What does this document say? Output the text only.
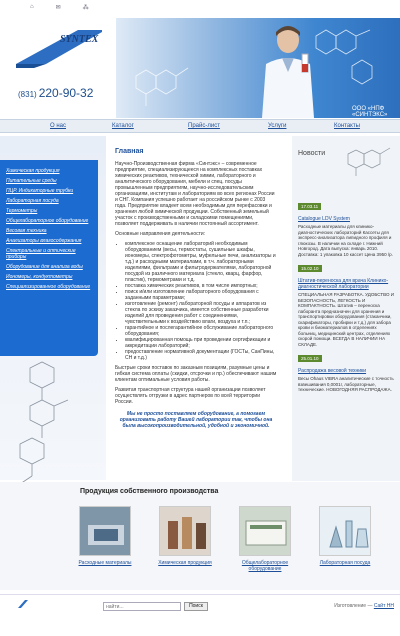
⌂	✉	⁂
SYNTEX
(831) 220-90-32
ООО «НПФ «СИНТЭКС»
О нас	Каталог	Прайс-лист	Услуги	Контакты
Химическая продукция
Питательные среды
ПЦР. Индикаторные трубки
Лабораторная посуда
Термометры
Общелабораторное оборудование
Весовая техника
Анализаторы влагосодержания
Спектральные и оптические приборы
Оборудование для анализа воды
Иономеры, кондуктометры
Специализированное оборудование
Главная

Научно-Производственная фирма «Синтэкс» – современное предприятие, специализирующееся на комплексных поставках химических реактивов, технической химии, лабораторного и аналитического оборудования, мебели и спец. посуды промышленным предприятиям, научно-исследовательским организациям, институтам и лабораториям во всех регионах России и СНГ. Компания успешно работает на российском рынке с 2003 года. Предприятие владеет всем необходимым для перефасовки и хранения любой химической продукции. Собственный земельный участок с производственными и складскими помещениями, позволяет поддерживать в наличии постоянный ассортимент.

Основные направления деятельности:

• комплексное оснащение лабораторий необходимым оборудованием (весы, термостаты, сушильные шкафы, иономеры, спектрофотометры, муфельные печи, анализаторы и т.д.) и расходными материалами, в т.ч. лабораторными изделиями, фильтрами и фильтродержателями, лабораторной посудой из различного материала (стекло, кварц, фарфор, пластик), термометрами и т.д.
• поставка химических реактивов, в том числе импортных;
• поиск и/или изготовление лабораторного оборудования с заданными параметрами;
• изготовление (ремонт) лабораторной посуды и аппаратов из стекла по эскизу заказчика, имеется собственные разработки изделий для проведения работ с соединениями, чувствительными к воздействию влаги, воздуха и т.п.;
• гарантийное и послегарантийное обслуживание лабораторного оборудования;
• квалифицированная помощь при проведении сертификации и аккредитации лабораторий;
• предоставление нормативной документации (ГОСТы, СанПины, СН и т.д.)

Быстрые сроки поставок по заказным позициям, разумные цены и гибкая система оплаты (скидки, отсрочки и пр.) обеспечивают нашим клиентам оптимальные условия работы.

Развитая транспортная структура нашей организации позволяет осуществлять отгрузки в адрес партнеров по всей территории России.

Мы не просто поставляем оборудование, а помогаем организовать работу Вашей лаборатории так, чтобы она была высокопроизводительной, удобной и экономичной.
Новости
17.03.11
Catalogue LDV System
Расходные материалы для клинико-диагностических лабораторий Кассеты для экспресс-анализатора липидного профиля и глюкозы. В наличии на складе г. Нижний Новгород. Дата выпуска: январь 2010. Доставка: 1 упаковка 10 кассет Цена 3950 /р.
15.02.10
Штатив-переноска для врача Клинико-диагностической лаборатории
СПЕЦИАЛЬНАЯ РАЗРАБОТКА. УДОБСТВО И БЕЗОПАСНОСТЬ, ЛЕГКОСТЬ И КОМПАКТНОСТЬ. Штатив – переноска лаборанта предназначен для хранения и транспортировки оборудования (стаканчики, скарификаторы, пробирки и т.д.) для забора крови и биоматериалов в отделениях больниц, медицинский центрах, отделениях скорой помощи. ВСЕГДА В НАЛИЧИИ НА СКЛАДЕ.
25.01.10
Распродажа весовой техники
Весы Ohaus VIBRA аналитические с точность взвешивания 0,0001г, лабораторные, технические. НОВОГОДНЯЯ РАСПРОДАЖА.
Продукция собственного производства
Расходные материалы	Химическая продукция	Общелабораторное оборудование
Лабораторная посуда
найти...
Поиск	Изготовление — Сайт НН
